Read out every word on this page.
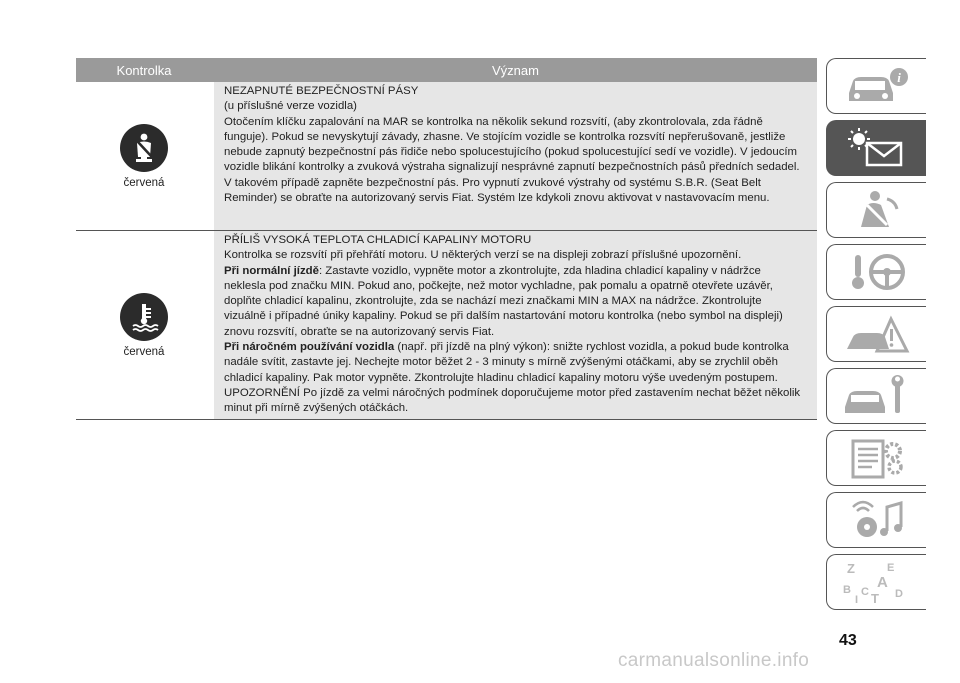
Kontrolka	Význam
červená

NEZAPNUTÉ BEZPEČNOSTNÍ PÁSY

(u příslušné verze vozidla)

Otočením klíčku zapalování na MAR se kontrolka na několik sekund rozsvítí, (aby zkontrolovala, zda řádně

funguje). Pokud se nevyskytují závady, zhasne. Ve stojícím vozidle se kontrolka rozsvítí nepřerušovaně, jestliže

nebude zapnutý bezpečnostní pás řidiče nebo spolucestujícího (pokud spolucestující sedí ve vozidle). V jedoucím

vozidle blikání kontrolky a zvuková výstraha signalizují nesprávné zapnutí bezpečnostních pásů předních sedadel.

V takovém případě zapněte bezpečnostní pás. Pro vypnutí zvukové výstrahy od systému S.B.R. (Seat Belt

Reminder) se obraťte na autorizovaný servis Fiat. Systém lze kdykoli znovu aktivovat v nastavovacím menu.

červená

PŘÍLIŠ VYSOKÁ TEPLOTA CHLADICÍ KAPALINY MOTORU

Kontrolka se rozsvítí při přehřátí motoru. U některých verzí se na displeji zobrazí příslušné upozornění.

Při normální jízdě: Zastavte vozidlo, vypněte motor a zkontrolujte, zda hladina chladicí kapaliny v nádržce

neklesla pod značku MIN. Pokud ano, počkejte, než motor vychladne, pak pomalu a opatrně otevřete uzávěr,

doplňte chladicí kapalinu, zkontrolujte, zda se nachází mezi značkami MIN a MAX na nádržce. Zkontrolujte

vizuálně i případné úniky kapaliny. Pokud se při dalším nastartování motoru kontrolka (nebo symbol na displeji)

znovu rozsvítí, obraťte se na autorizovaný servis Fiat.

Při náročném používání vozidla (např. při jízdě na plný výkon): snižte rychlost vozidla, a pokud bude kontrolka

nadále svítit, zastavte jej. Nechejte motor běžet 2 - 3 minuty s mírně zvýšenými otáčkami, aby se zrychlil oběh

chladicí kapaliny. Pak motor vypněte. Zkontrolujte hladinu chladicí kapaliny motoru výše uvedeným postupem.

UPOZORNĚNÍ Po jízdě za velmi náročných podmínek doporučujeme motor před zastavením nechat běžet několik

minut při mírně zvýšených otáčkách.

i
Z	E
A
B C T D
I
43
carmanualsonline.info
